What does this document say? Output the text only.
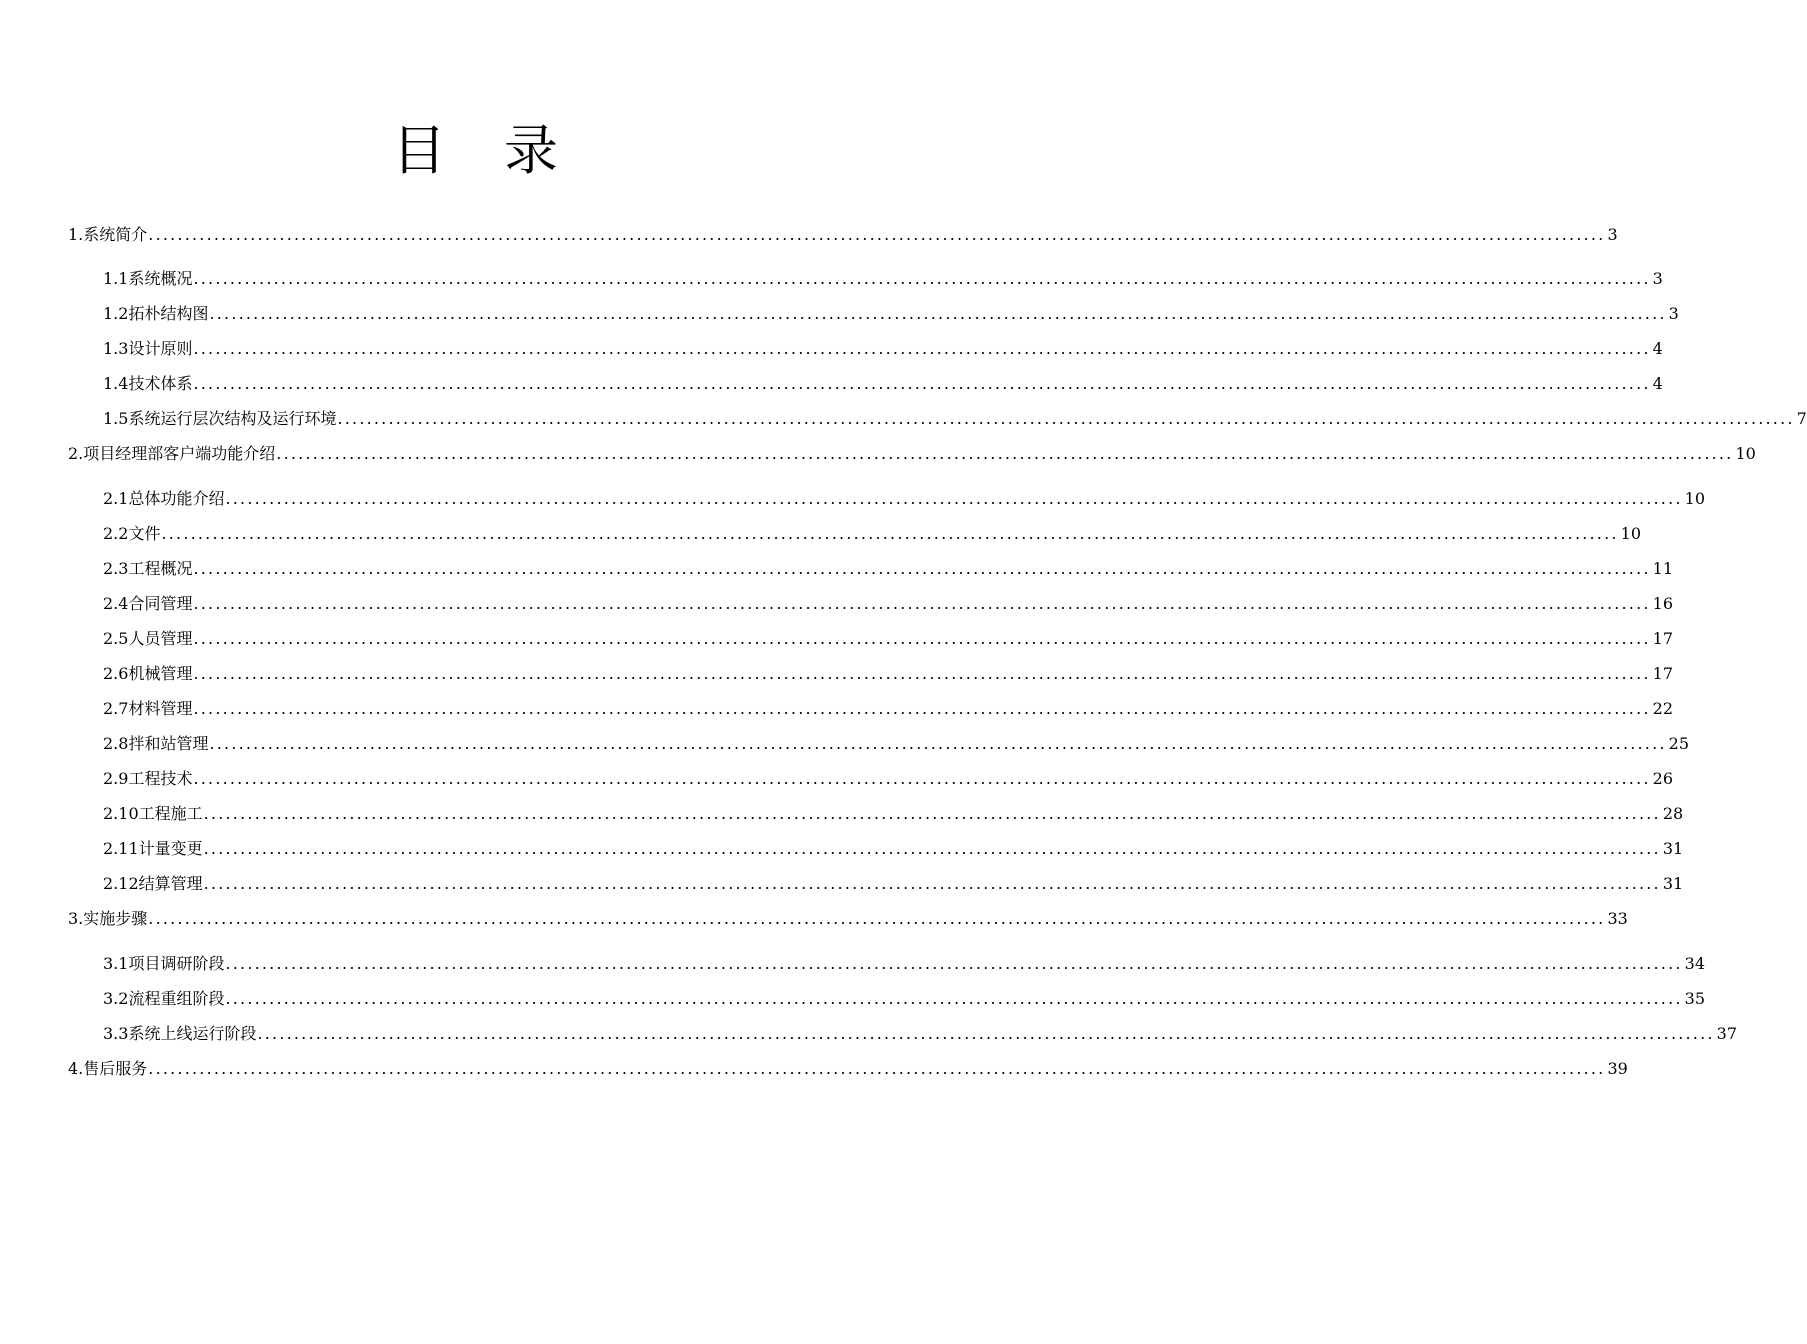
目 录
1. 系统简介 ........................................................................................................................................................................................................ 3
1.1 系统概况 ........................................................................................................................................................................................................ 3
1.2 拓朴结构图 ........................................................................................................................................................................................................ 3
1.3 设计原则 ........................................................................................................................................................................................................ 4
1.4 技术体系 ........................................................................................................................................................................................................ 4
1.5 系统运行层次结构及运行环境 ........................................................................................................................................................................................................ 7
2. 项目经理部客户端功能介绍 ........................................................................................................................................................................................................ 10
2.1 总体功能介绍 ........................................................................................................................................................................................................ 10
2.2 文件 ........................................................................................................................................................................................................ 10
2.3 工程概况 ........................................................................................................................................................................................................ 11
2.4 合同管理 ........................................................................................................................................................................................................ 16
2.5 人员管理 ........................................................................................................................................................................................................ 17
2.6 机械管理 ........................................................................................................................................................................................................ 17
2.7 材料管理 ........................................................................................................................................................................................................ 22
2.8 拌和站管理 ........................................................................................................................................................................................................ 25
2.9 工程技术 ........................................................................................................................................................................................................ 26
2.10 工程施工 ........................................................................................................................................................................................................ 28
2.11 计量变更 ........................................................................................................................................................................................................ 31
2.12 结算管理 ........................................................................................................................................................................................................ 31
3. 实施步骤 ........................................................................................................................................................................................................ 33
3.1 项目调研阶段 ........................................................................................................................................................................................................ 34
3.2 流程重组阶段 ........................................................................................................................................................................................................ 35
3.3 系统上线运行阶段 ........................................................................................................................................................................................................ 37
4. 售后服务 ........................................................................................................................................................................................................ 39
